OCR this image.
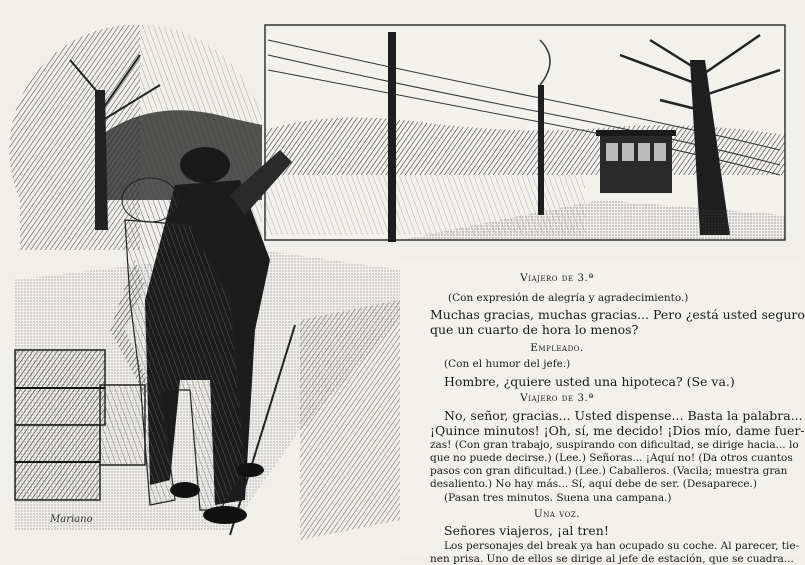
Mariano

Viajero de 3.ª

(Con expresión de alegría y agradecimiento.)

Muchas gracias, muchas gracias... Pero ¿está usted seguro

que un cuarto de hora lo menos?

Empleado.

(Con el humor del jefe.)

Hombre, ¿quiere usted una hipoteca? (Se va.)

Viajero de 3.ª

No, señor, gracias... Usted dispense... Basta la palabra...

¡Quince minutos! ¡Oh, sí, me decido! ¡Dios mío, dame fuer-

zas! (Con gran trabajo, suspirando con dificultad, se dirige hacia... lo

que no puede decirse.) (Lee.) Señoras... ¡Aquí no! (Da otros cuantos

pasos con gran dificultad.) (Lee.) Caballeros. (Vacila; muestra gran

desaliento.) No hay más... Sí, aquí debe de ser. (Desaparece.)

(Pasan tres minutos. Suena una campana.)

Una voz.

Señores viajeros, ¡al tren!

Los personajes del break ya han ocupado su coche. Al parecer, tie-

nen prisa. Uno de ellos se dirige al jefe de estación, que se cuadra...
